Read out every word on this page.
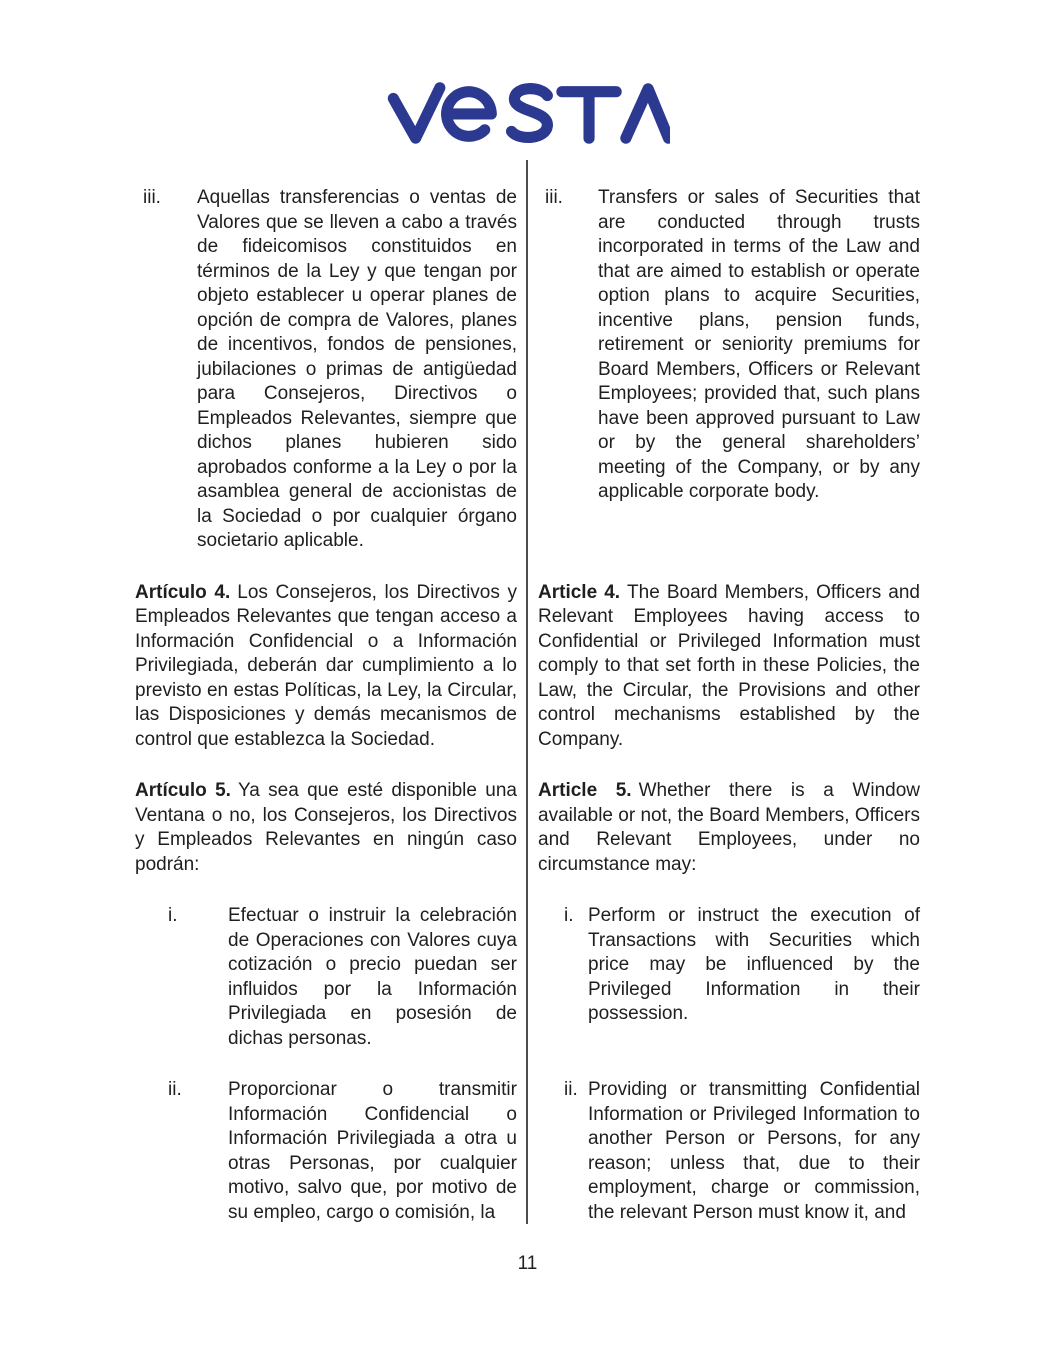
iii.	Aquellas transferencias o ventas de Valores que se lleven a cabo a través de fideicomisos constituidos en términos de la Ley y que tengan por objeto establecer u operar planes de opción de compra de Valores, planes de incentivos, fondos de pensiones, jubilaciones o primas de antigüedad para Consejeros, Directivos o Empleados Relevantes, siempre que dichos planes hubieren sido aprobados conforme a la Ley o por la asamblea general de accionistas de la Sociedad o por cualquier órgano societario aplicable.
iii.	Transfers or sales of Securities that are conducted through trusts incorporated in terms of the Law and that are aimed to establish or operate option plans to acquire Securities, incentive plans, pension funds, retirement or seniority premiums for Board Members, Officers or Relevant Employees; provided that, such plans have been approved pursuant to Law or by the general shareholders’ meeting of the Company, or by any applicable corporate body.

Artículo 4. Los Consejeros, los Directivos y Empleados Relevantes que tengan acceso a Información Confidencial o a Información Privilegiada, deberán dar cumplimiento a lo previsto en estas Políticas, la Ley, la Circular, las Disposiciones y demás mecanismos de control que establezca la Sociedad.

Article 4. The Board Members, Officers and Relevant Employees having access to Confidential or Privileged Information must comply to that set forth in these Policies, the Law, the Circular, the Provisions and other control mechanisms established by the Company.

Artículo 5. Ya sea que esté disponible una Ventana o no, los Consejeros, los Directivos y Empleados Relevantes en ningún caso podrán:

Article 5. Whether there is a Window available or not, the Board Members, Officers and Relevant Employees, under no circumstance may:

i.	Efectuar o instruir la celebración de Operaciones con Valores cuya cotización o precio puedan ser influidos por la Información Privilegiada en posesión de dichas personas.
i. Perform or instruct the execution of Transactions with Securities which price may be influenced by the Privileged Information in their possession.
ii.	Proporcionar o transmitir Información Confidencial o Información Privilegiada a otra u otras Personas, por cualquier motivo, salvo que, por motivo de su empleo, cargo o comisión, la
ii. Providing or transmitting Confidential Information or Privileged Information to another Person or Persons, for any reason; unless that, due to their employment, charge or commission, the relevant Person must know it, and
11
